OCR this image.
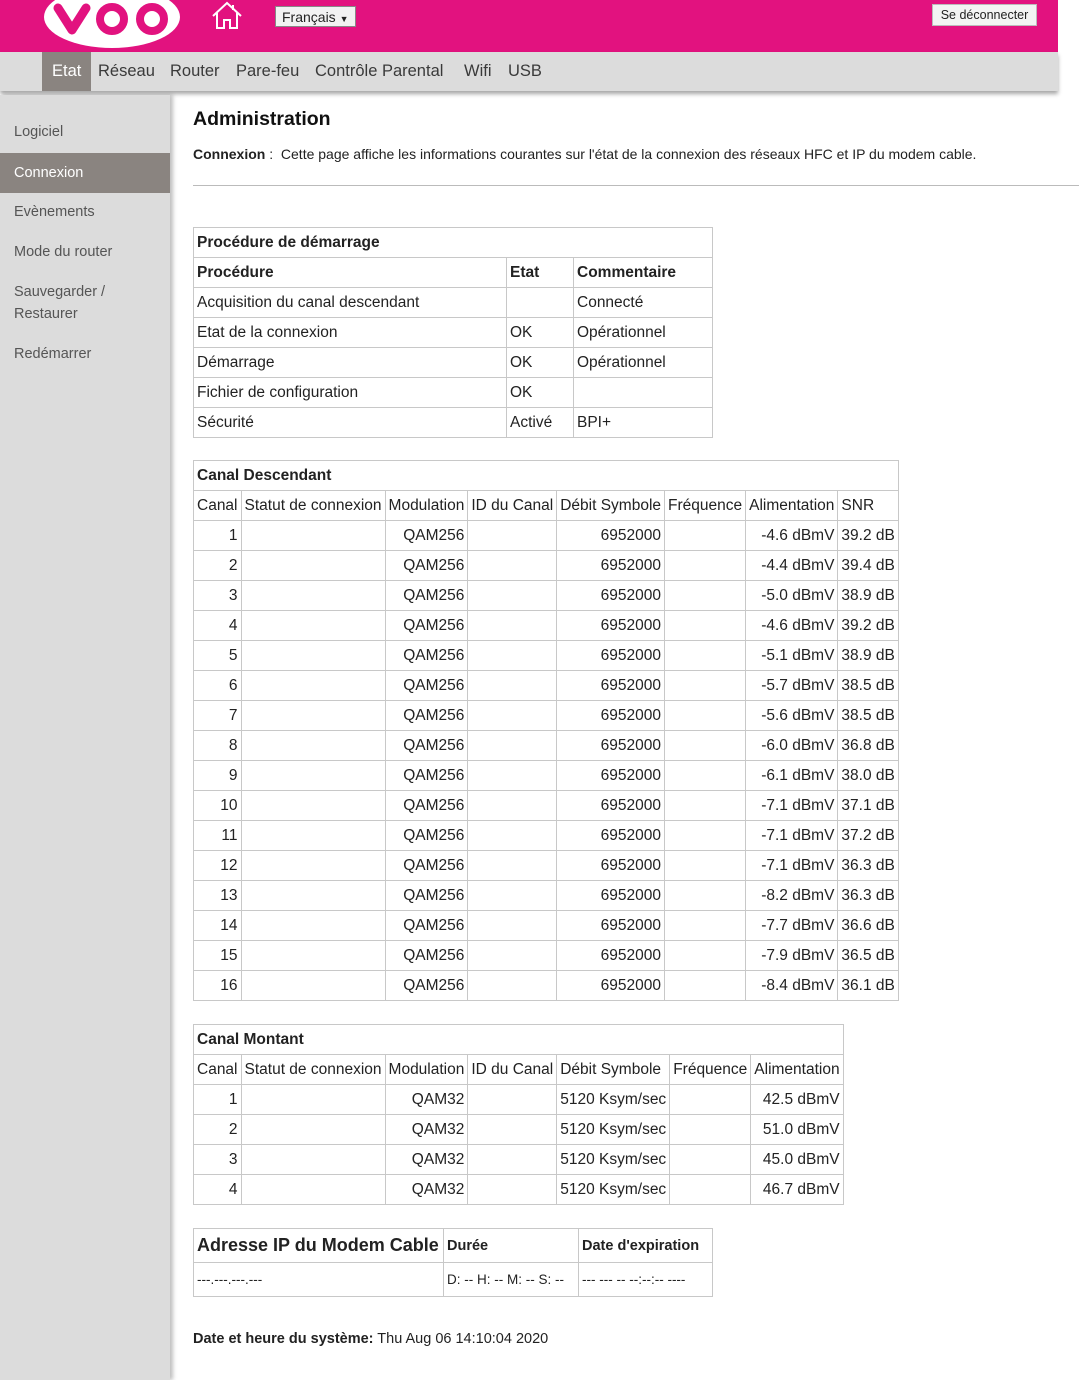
Français ▼	Se déconnecter
Etat	Réseau Router Pare-feu Contrôle Parental Wifi USB
Logiciel
Connexion
Evènements
Mode du router
Sauvegarder /
Restaurer
Redémarrer
Administration
Connexion :  Cette page affiche les informations courantes sur l'état de la connexion des réseaux HFC et IP du modem cable.
Procédure de démarrage		
Procédure	Etat	Commentaire
Acquisition du canal descendant		Connecté
Etat de la connexion	OK	Opérationnel
Démarrage	OK	Opérationnel
Fichier de configuration	OK	
Sécurité	Activé	BPI+
Canal Descendant							
Canal	Statut de connexion	Modulation	ID du Canal	Débit Symbole	Fréquence	Alimentation	SNR
1		QAM256		6952000		-4.6 dBmV	39.2 dB
2		QAM256		6952000		-4.4 dBmV	39.4 dB
3		QAM256		6952000		-5.0 dBmV	38.9 dB
4		QAM256		6952000		-4.6 dBmV	39.2 dB
5		QAM256		6952000		-5.1 dBmV	38.9 dB
6		QAM256		6952000		-5.7 dBmV	38.5 dB
7		QAM256		6952000		-5.6 dBmV	38.5 dB
8		QAM256		6952000		-6.0 dBmV	36.8 dB
9		QAM256		6952000		-6.1 dBmV	38.0 dB
10		QAM256		6952000		-7.1 dBmV	37.1 dB
11		QAM256		6952000		-7.1 dBmV	37.2 dB
12		QAM256		6952000		-7.1 dBmV	36.3 dB
13		QAM256		6952000		-8.2 dBmV	36.3 dB
14		QAM256		6952000		-7.7 dBmV	36.6 dB
15		QAM256		6952000		-7.9 dBmV	36.5 dB
16		QAM256		6952000		-8.4 dBmV	36.1 dB
Canal Montant						
Canal	Statut de connexion	Modulation	ID du Canal	Débit Symbole	Fréquence	Alimentation
1		QAM32		5120 Ksym/sec		42.5 dBmV
2		QAM32		5120 Ksym/sec		51.0 dBmV
3		QAM32		5120 Ksym/sec		45.0 dBmV
4		QAM32		5120 Ksym/sec		46.7 dBmV
Adresse IP du Modem Cable	Durée	Date d'expiration
---.---.---.---	D: -- H: -- M: -- S: --	--- --- -- --:--:-- ----
Date et heure du système: Thu Aug 06 14:10:04 2020
